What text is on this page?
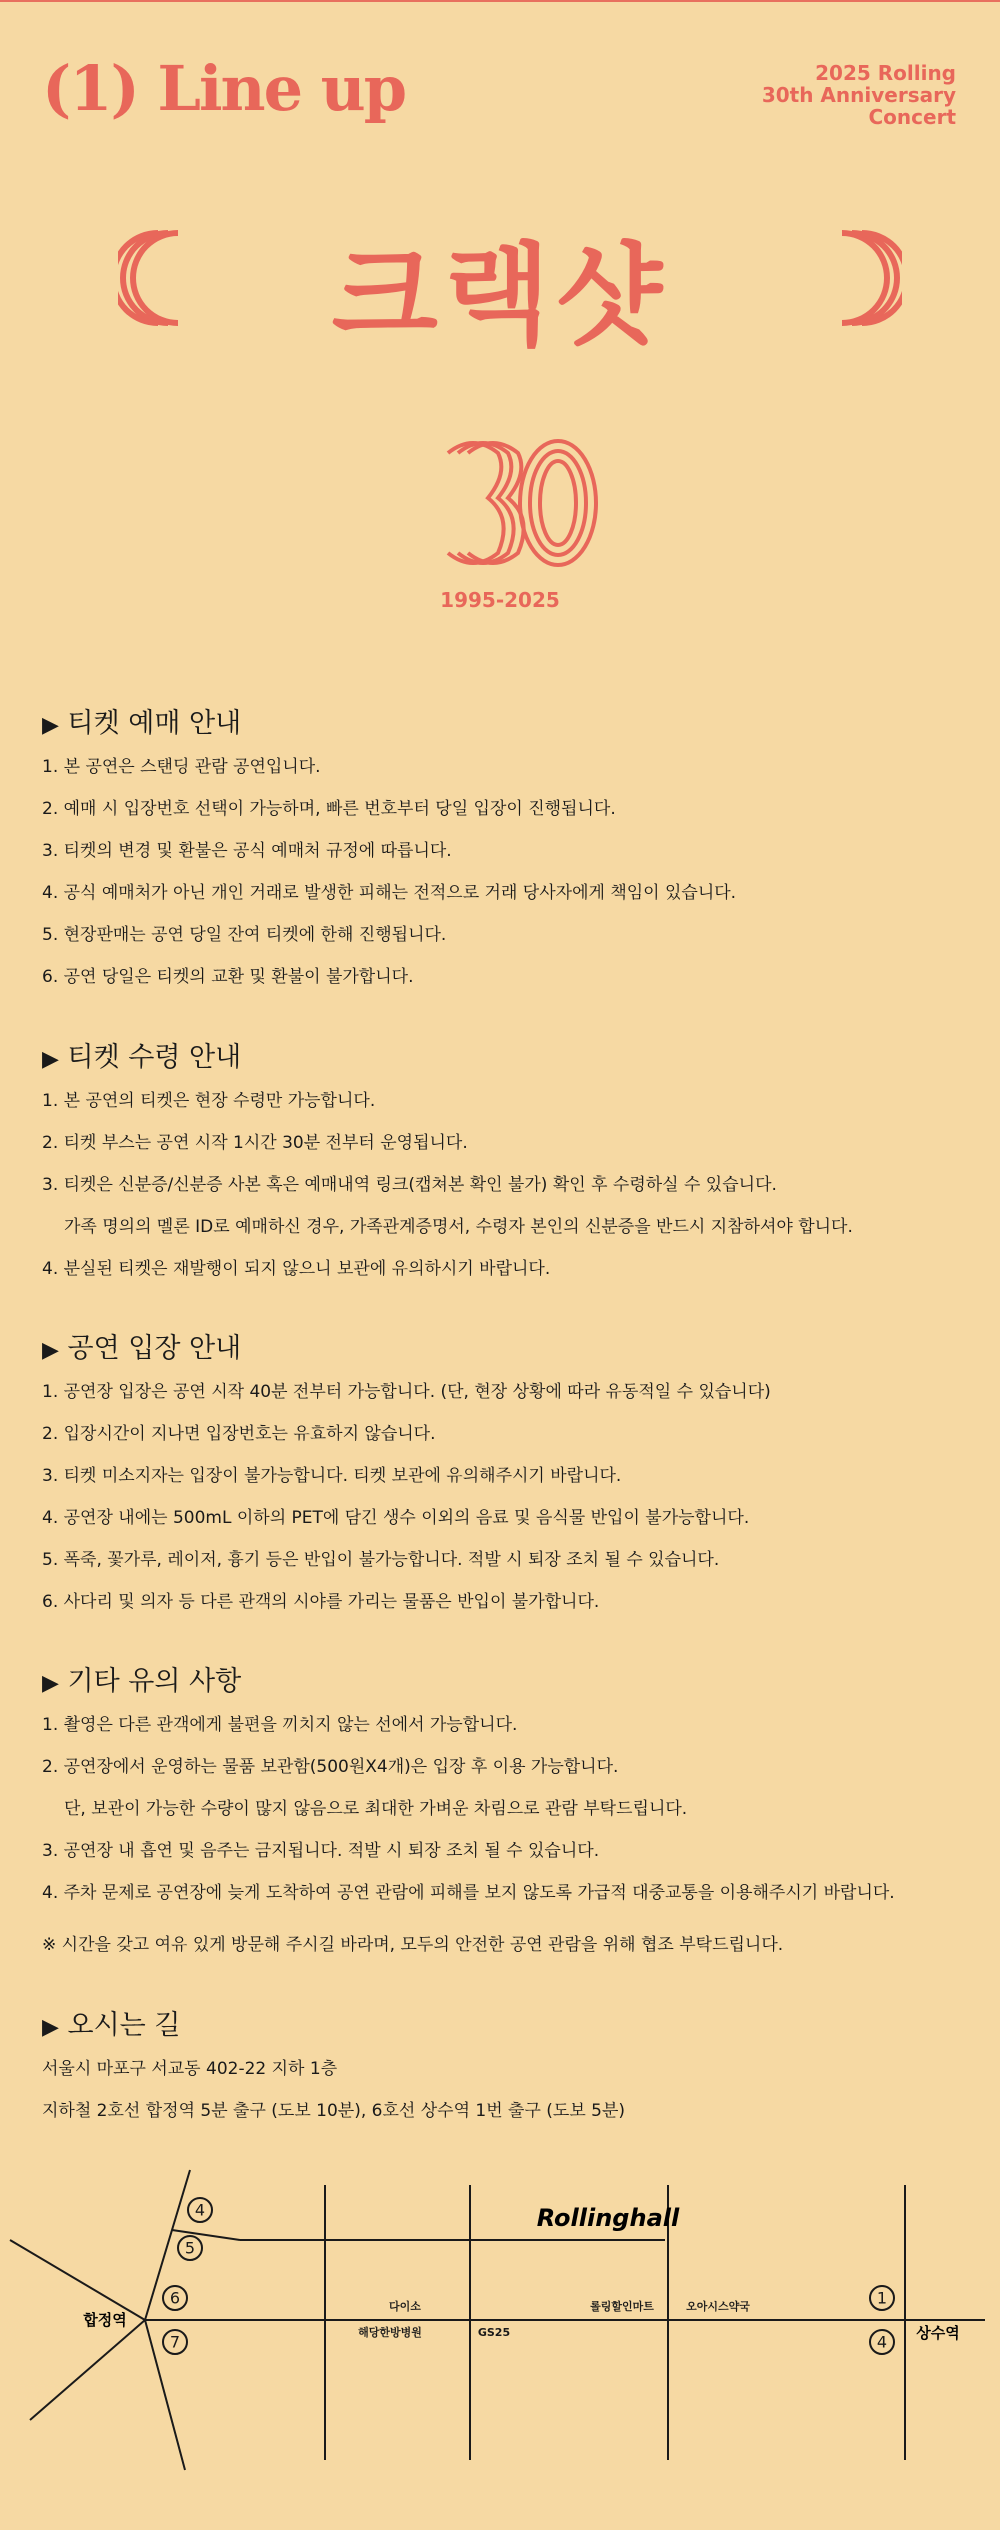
(1) Line up	2025 Rolling
30th Anniversary
Concert
크랙샷
30
1995-2025
▶ 티켓 예매 안내
1. 본 공연은 스탠딩 관람 공연입니다.
2. 예매 시 입장번호 선택이 가능하며, 빠른 번호부터 당일 입장이 진행됩니다.
3. 티켓의 변경 및 환불은 공식 예매처 규정에 따릅니다.
4. 공식 예매처가 아닌 개인 거래로 발생한 피해는 전적으로 거래 당사자에게 책임이 있습니다.
5. 현장판매는 공연 당일 잔여 티켓에 한해 진행됩니다.
6. 공연 당일은 티켓의 교환 및 환불이 불가합니다.
▶ 티켓 수령 안내
1. 본 공연의 티켓은 현장 수령만 가능합니다.
2. 티켓 부스는 공연 시작 1시간 30분 전부터 운영됩니다.
3. 티켓은 신분증/신분증 사본 혹은 예매내역 링크(캡쳐본 확인 불가) 확인 후 수령하실 수 있습니다.
가족 명의의 멜론 ID로 예매하신 경우, 가족관계증명서, 수령자 본인의 신분증을 반드시 지참하셔야 합니다.
4. 분실된 티켓은 재발행이 되지 않으니 보관에 유의하시기 바랍니다.
▶ 공연 입장 안내
1. 공연장 입장은 공연 시작 40분 전부터 가능합니다. (단, 현장 상황에 따라 유동적일 수 있습니다)
2. 입장시간이 지나면 입장번호는 유효하지 않습니다.
3. 티켓 미소지자는 입장이 불가능합니다. 티켓 보관에 유의해주시기 바랍니다.
4. 공연장 내에는 500mL 이하의 PET에 담긴 생수 이외의 음료 및 음식물 반입이 불가능합니다.
5. 폭죽, 꽃가루, 레이저, 흉기 등은 반입이 불가능합니다. 적발 시 퇴장 조치 될 수 있습니다.
6. 사다리 및 의자 등 다른 관객의 시야를 가리는 물품은 반입이 불가합니다.
▶ 기타 유의 사항
1. 촬영은 다른 관객에게 불편을 끼치지 않는 선에서 가능합니다.
2. 공연장에서 운영하는 물품 보관함(500원X4개)은 입장 후 이용 가능합니다.
단, 보관이 가능한 수량이 많지 않음으로 최대한 가벼운 차림으로 관람 부탁드립니다.
3. 공연장 내 흡연 및 음주는 금지됩니다. 적발 시 퇴장 조치 될 수 있습니다.
4. 주차 문제로 공연장에 늦게 도착하여 공연 관람에 피해를 보지 않도록 가급적 대중교통을 이용해주시기 바랍니다.
※ 시간을 갖고 여유 있게 방문해 주시길 바라며, 모두의 안전한 공연 관람을 위해 협조 부탁드립니다.
▶ 오시는 길
서울시 마포구 서교동 402-22 지하 1층
지하철 2호선 합정역 5분 출구 (도보 10분), 6호선 상수역 1번 출구 (도보 5분)
4
5
6
7
1
4
합정역
상수역
Rollinghall
다이소
해당한방병원	GS25
롤링할인마트	오아시스약국
